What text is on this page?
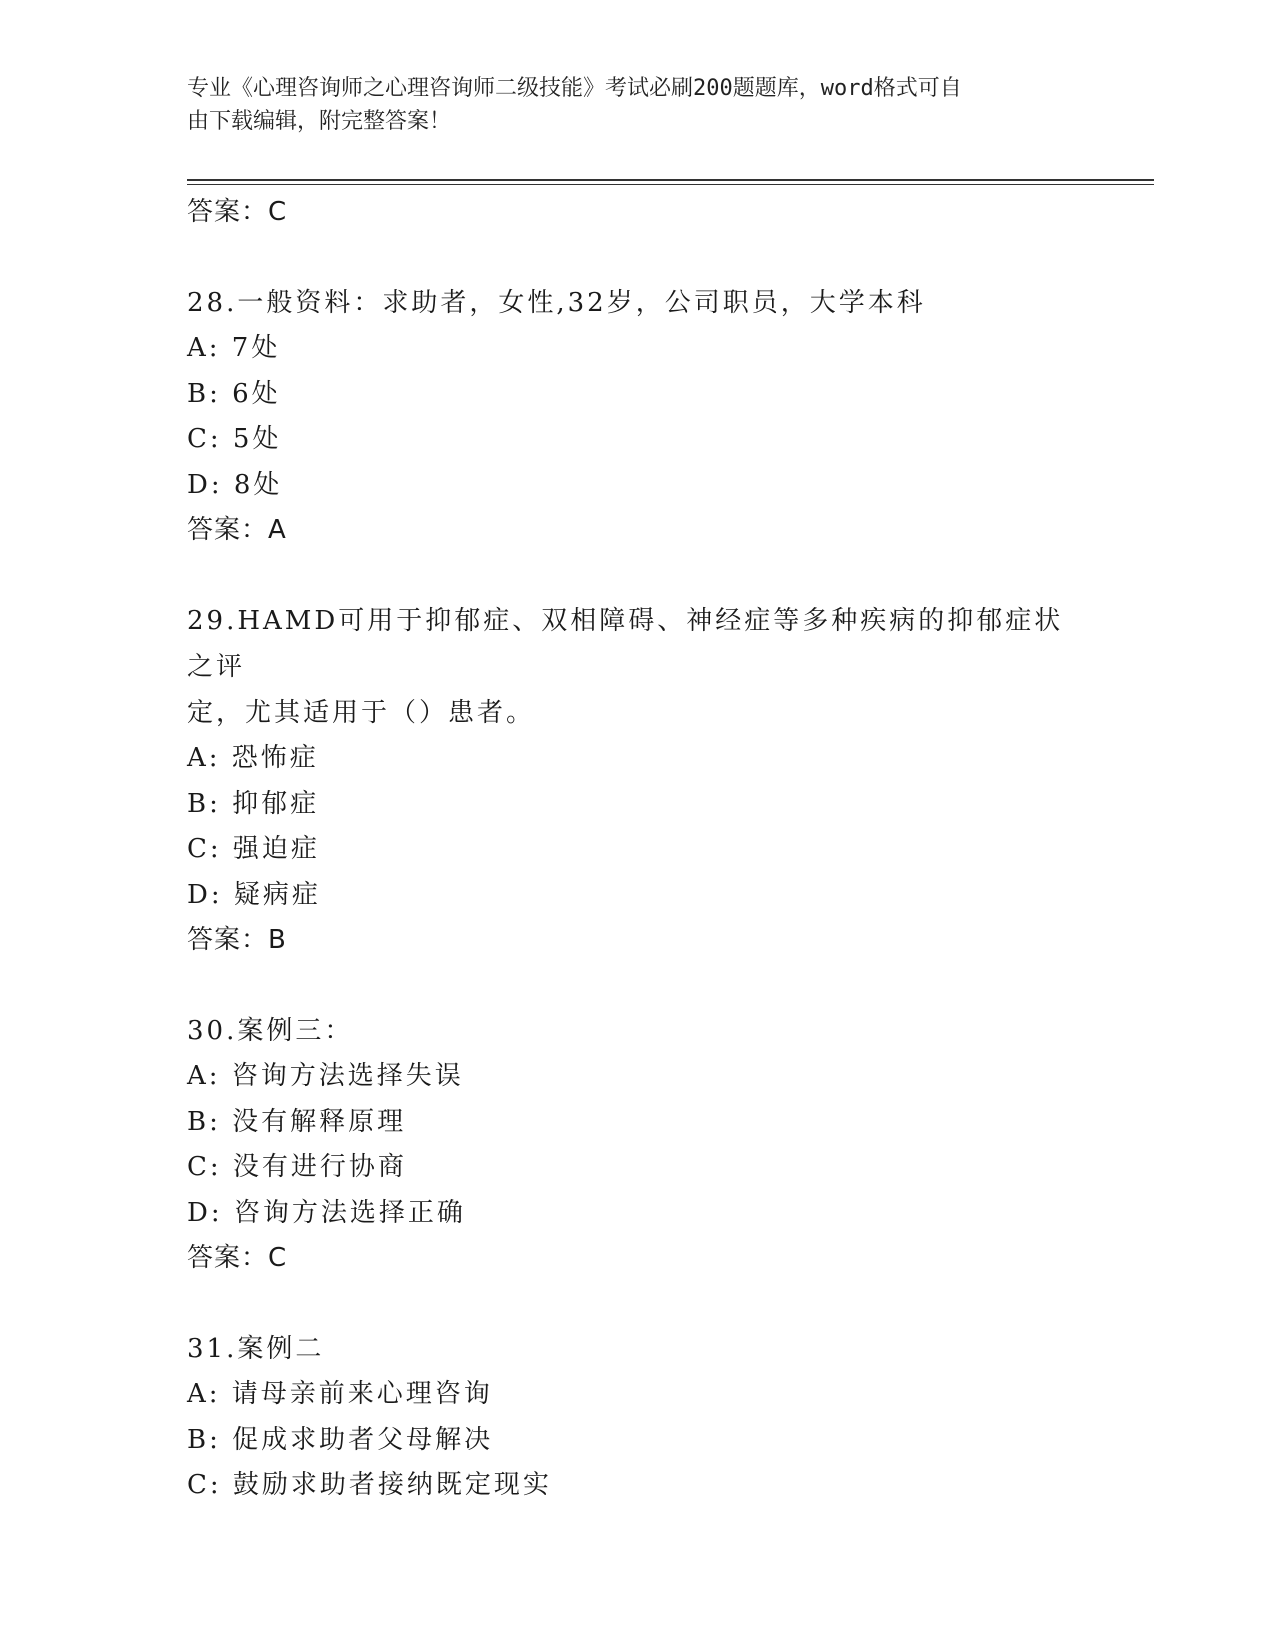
专业《心理咨询师之心理咨询师二级技能》考试必刷200题题库，word格式可自
由下载编辑，附完整答案！
答案：C
28.一般资料：求助者，女性,32岁，公司职员，大学本科
A: 7处
B: 6处
C: 5处
D: 8处
答案：A
29.HAMD可用于抑郁症、双相障碍、神经症等多种疾病的抑郁症状之评
定，尤其适用于（）患者。
A: 恐怖症
B: 抑郁症
C: 强迫症
D: 疑病症
答案：B
30.案例三：
A: 咨询方法选择失误
B: 没有解释原理
C: 没有进行协商
D: 咨询方法选择正确
答案：C
31.案例二
A: 请母亲前来心理咨询
B: 促成求助者父母解决
C: 鼓励求助者接纳既定现实
